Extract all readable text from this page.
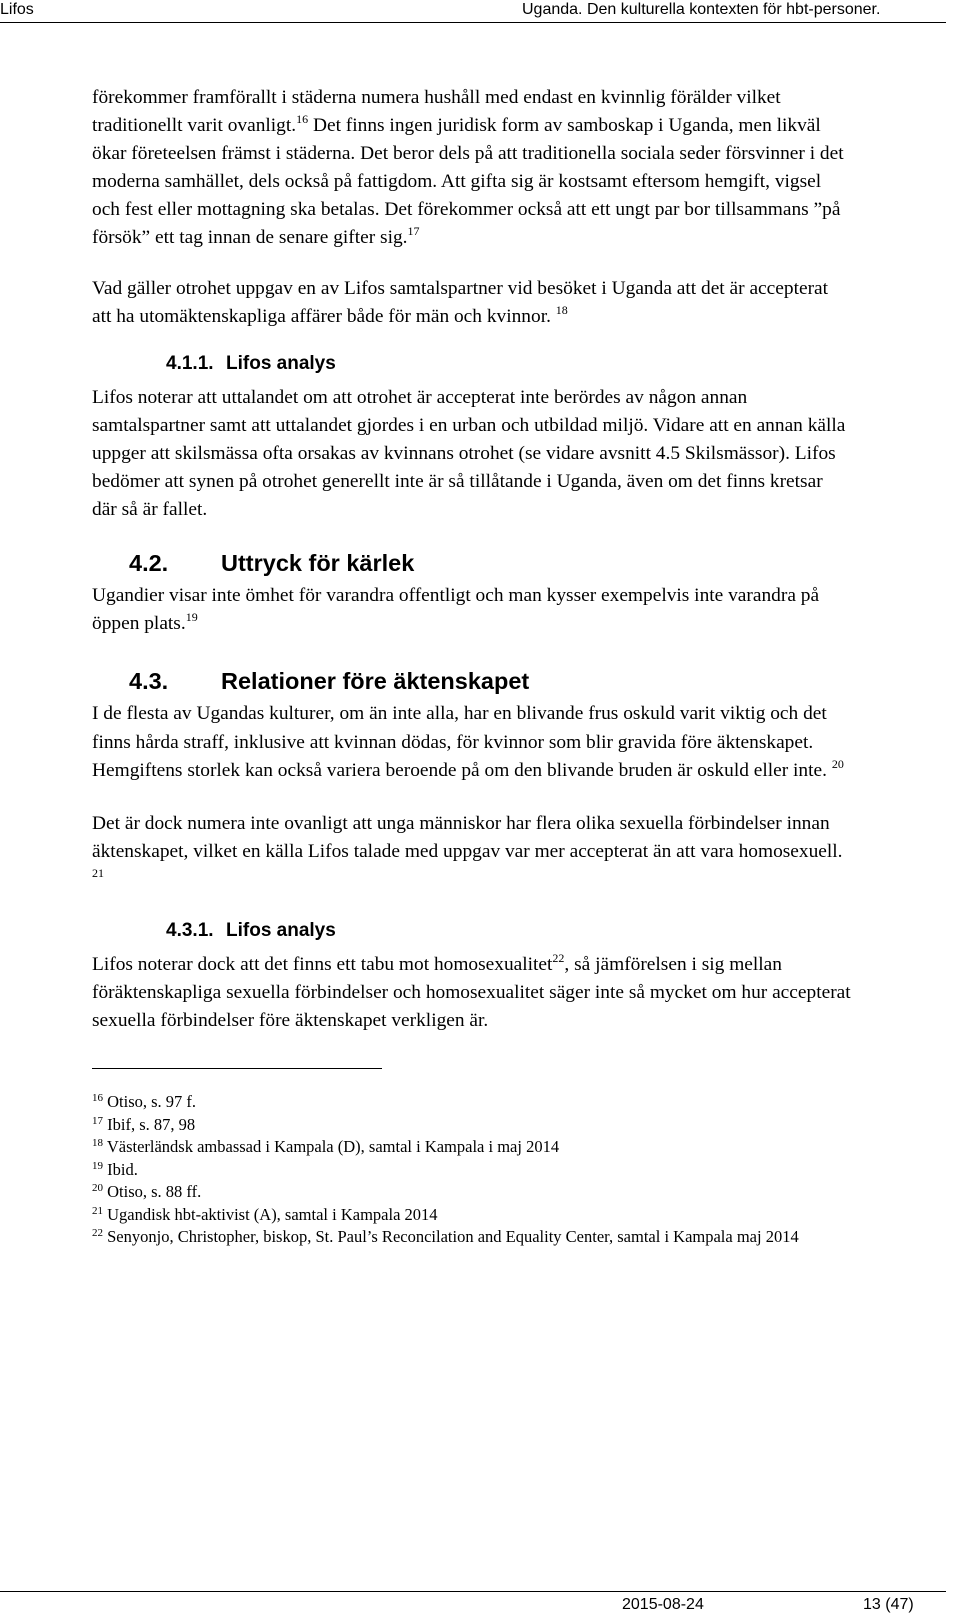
Lifos	Uganda. Den kulturella kontexten för hbt-personer.

förekommer framförallt i städerna numera hushåll med endast en kvinnlig förälder vilket traditionellt varit ovanligt.$^{16}$ Det finns ingen juridisk form av samboskap i Uganda, men likväl ökar företeelsen främst i städerna. Det beror dels på att traditionella sociala seder försvinner i det moderna samhället, dels också på fattigdom. Att gifta sig är kostsamt eftersom hemgift, vigsel och fest eller mottagning ska betalas. Det förekommer också att ett ungt par bor tillsammans ”på försök” ett tag innan de senare gifter sig.$^{17}$

Vad gäller otrohet uppgav en av Lifos samtalspartner vid besöket i Uganda att det är accepterat att ha utomäktenskapliga affärer både för män och kvinnor. $^{18}$

4.1.1. Lifos analys

Lifos noterar att uttalandet om att otrohet är accepterat inte berördes av någon annan samtalspartner samt att uttalandet gjordes i en urban och utbildad miljö. Vidare att en annan källa uppger att skilsmässa ofta orsakas av kvinnans otrohet (se vidare avsnitt 4.5 Skilsmässor). Lifos bedömer att synen på otrohet generellt inte är så tillåtande i Uganda, även om det finns kretsar där så är fallet.

4.2. Uttryck för kärlek

Ugandier visar inte ömhet för varandra offentligt och man kysser exempelvis inte varandra på öppen plats.$^{19}$

4.3. Relationer före äktenskapet

I de flesta av Ugandas kulturer, om än inte alla, har en blivande frus oskuld varit viktig och det finns hårda straff, inklusive att kvinnan dödas, för kvinnor som blir gravida före äktenskapet. Hemgiftens storlek kan också variera beroende på om den blivande bruden är oskuld eller inte. $^{20}$

Det är dock numera inte ovanligt att unga människor har flera olika sexuella förbindelser innan äktenskapet, vilket en källa Lifos talade med uppgav var mer accepterat än att vara homosexuell. $^{21}$

4.3.1. Lifos analys

Lifos noterar dock att det finns ett tabu mot homosexualitet$^{22}$, så jämförelsen i sig mellan föräktenskapliga sexuella förbindelser och homosexualitet säger inte så mycket om hur accepterat sexuella förbindelser före äktenskapet verkligen är.

$^{16}$ Otiso, s. 97 f.

$^{17}$ Ibif, s. 87, 98

$^{18}$ Västerländsk ambassad i Kampala (D), samtal i Kampala i maj 2014

$^{19}$ Ibid.

$^{20}$ Otiso, s. 88 ff.

$^{21}$ Ugandisk hbt-aktivist (A), samtal i Kampala 2014

$^{22}$ Senyonjo, Christopher, biskop, St. Paul’s Reconcilation and Equality Center, samtal i Kampala maj 2014

2015-08-24	13 (47)
